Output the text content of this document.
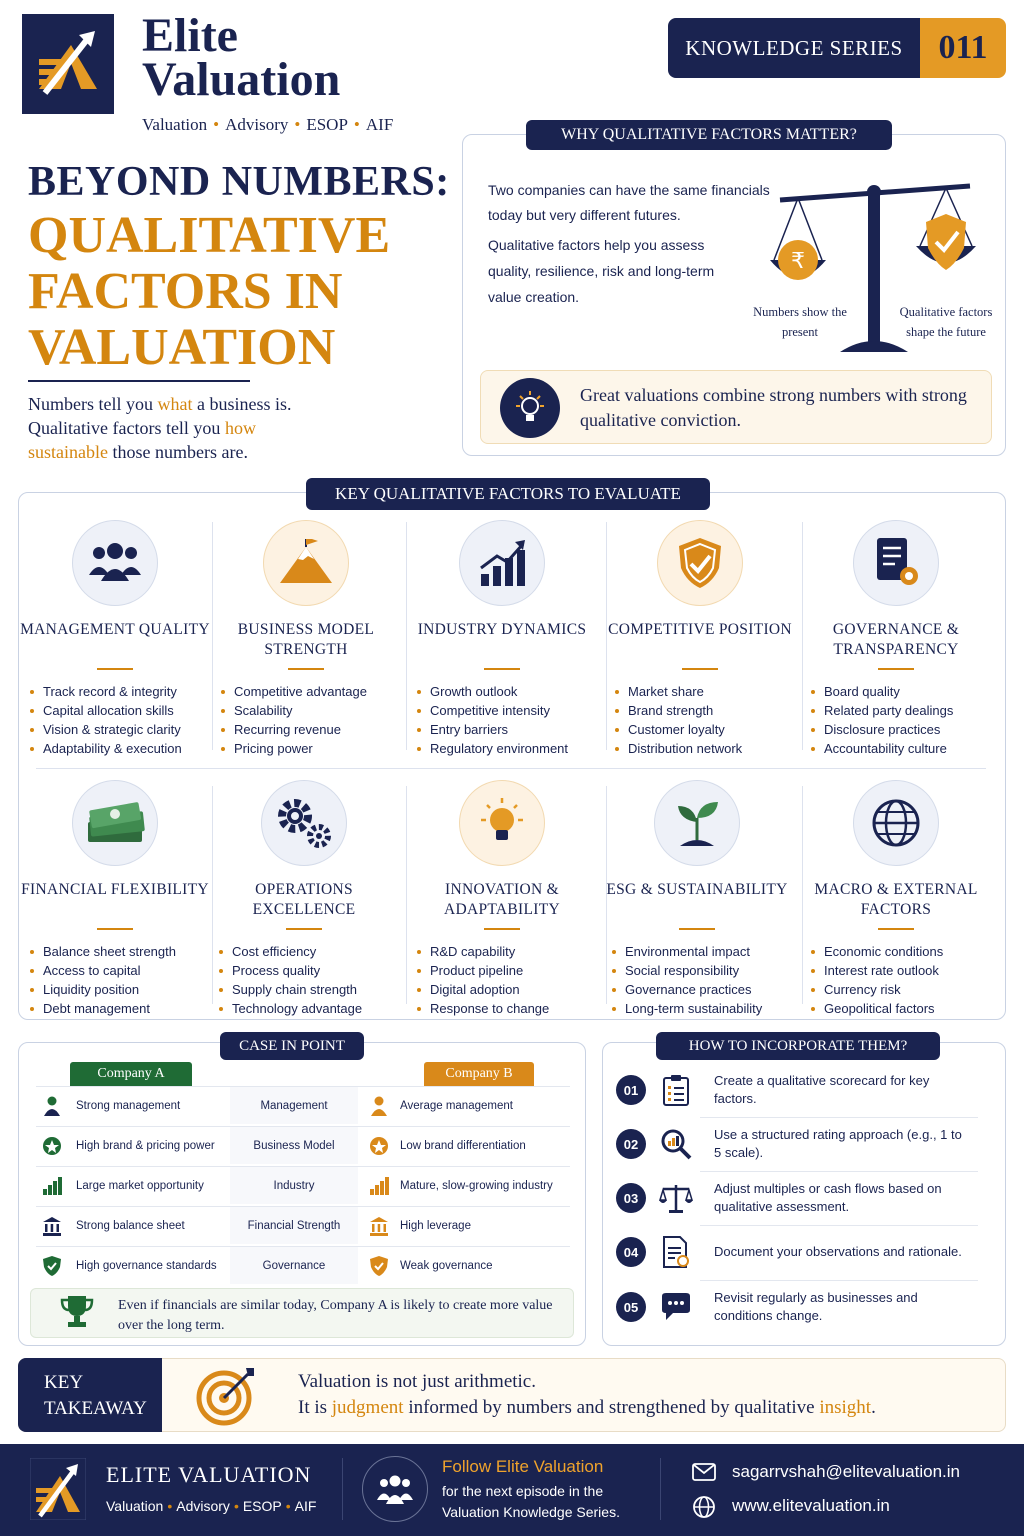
Elite
Valuation
Valuation • Advisory • ESOP • AIF
KNOWLEDGE SERIES	011
BEYOND NUMBERS:
QUALITATIVE
FACTORS IN
VALUATION
Numbers tell you what a business is.
Qualitative factors tell you how
sustainable those numbers are.
WHY QUALITATIVE FACTORS MATTER?
Two companies can have the same financials today but very different futures.
Qualitative factors help you assess quality, resilience, risk and long-term value creation.
₹
Numbers show the present
Qualitative factors shape the future
Great valuations combine strong numbers with strong qualitative conviction.
KEY QUALITATIVE FACTORS TO EVALUATE
MANAGEMENT QUALITY
Track record & integrity
Capital allocation skills
Vision & strategic clarity
Adaptability & execution
BUSINESS MODEL STRENGTH
Competitive advantage
Scalability
Recurring revenue
Pricing power
INDUSTRY DYNAMICS
Growth outlook
Competitive intensity
Entry barriers
Regulatory environment
COMPETITIVE POSITION
Market share
Brand strength
Customer loyalty
Distribution network
GOVERNANCE & TRANSPARENCY
Board quality
Related party dealings
Disclosure practices
Accountability culture
FINANCIAL FLEXIBILITY
Balance sheet strength
Access to capital
Liquidity position
Debt management
OPERATIONS EXCELLENCE
Cost efficiency
Process quality
Supply chain strength
Technology advantage
INNOVATION & ADAPTABILITY
R&D capability
Product pipeline
Digital adoption
Response to change
ESG & SUSTAINABILITY
Environmental impact
Social responsibility
Governance practices
Long-term sustainability
MACRO & EXTERNAL FACTORS
Economic conditions
Interest rate outlook
Currency risk
Geopolitical factors
CASE IN POINT
Company A	Company B
Strong management	Management	Average management
High brand & pricing power	Business Model	Low brand differentiation
Large market opportunity	Industry	Mature, slow-growing industry
Strong balance sheet	Financial Strength	High leverage
High governance standards	Governance	Weak governance
Even if financials are similar today, Company A is likely to create more value over the long term.
HOW TO INCORPORATE THEM?
01
Create a qualitative scorecard for key factors.
02
Use a structured rating approach (e.g., 1 to 5 scale).
03
Adjust multiples or cash flows based on qualitative assessment.
04	Document your observations and rationale.
05
Revisit regularly as businesses and conditions change.
KEY
TAKEAWAY
Valuation is not just arithmetic.
It is judgment informed by numbers and strengthened by qualitative insight.
ELITE VALUATION
Valuation • Advisory • ESOP • AIF
Follow Elite Valuation
for the next episode in the Valuation Knowledge Series.
sagarrvshah@elitevaluation.in
www.elitevaluation.in
